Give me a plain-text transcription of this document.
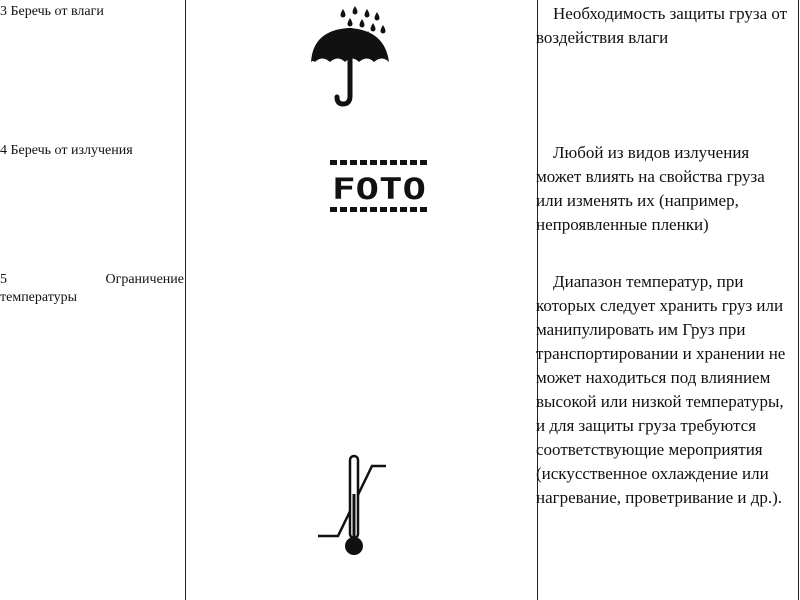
3 Беречь от влаги	Необходимость защиты груза от воздействия влаги
4 Беречь от излучения
FOTO
Любой из видов излучения может влиять на свойства груза или изменять их (например, непроявленные пленки)
5 Ограничение
температуры
Диапазон температур, при которых следует хранить груз или манипулировать им Груз при транспортировании и хранении не может находиться под влиянием высокой или низкой температуры, и для защиты груза требуются соответствующие мероприятия (искусственное охлаждение или нагревание, проветривание и др.).
